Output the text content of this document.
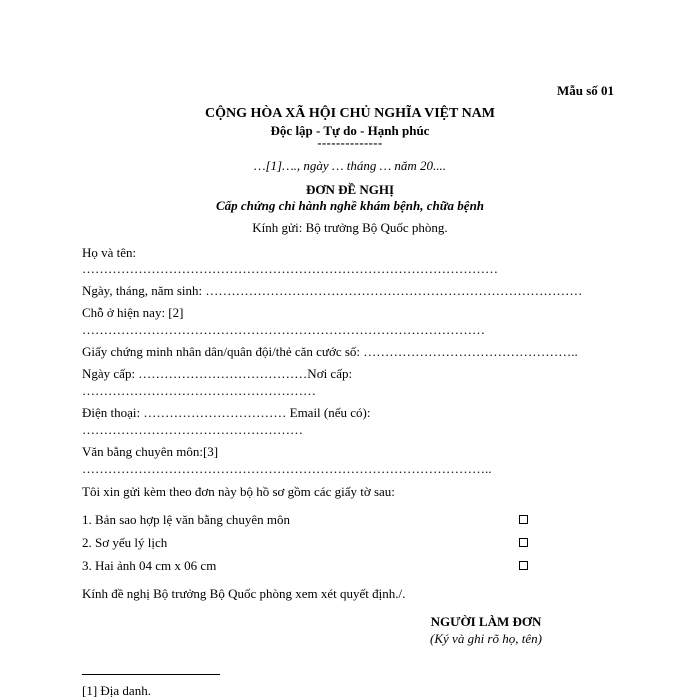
Mẫu số 01
CỘNG HÒA XÃ HỘI CHỦ NGHĨA VIỆT NAM
Độc lập - Tự do - Hạnh phúc
--------------
…[1]…., ngày … tháng … năm 20....
ĐƠN ĐỀ NGHỊ
Cấp chứng chỉ hành nghề khám bệnh, chữa bệnh
Kính gửi: Bộ trưởng Bộ Quốc phòng.
Họ và tên:
……………………………………………………………………………………
Ngày, tháng, năm sinh: ……………………………………………………………………………
Chỗ ở hiện nay: [2]
…………………………………………………………………………………
Giấy chứng minh nhân dân/quân đội/thẻ căn cước số: …………………………………………..
Ngày cấp: …………………………………Nơi cấp:
………………………………………………
Điện thoại: …………………………… Email (nếu có):
……………………………………………
Văn bằng chuyên môn:[3]
…………………………………………………………………………………..
Tôi xin gửi kèm theo đơn này bộ hồ sơ gồm các giấy tờ sau:
1. Bản sao hợp lệ văn bằng chuyên môn
2. Sơ yếu lý lịch
3. Hai ảnh 04 cm x 06 cm
Kính đề nghị Bộ trưởng Bộ Quốc phòng xem xét quyết định./.
NGƯỜI LÀM ĐƠN
(Ký và ghi rõ họ, tên)
[1] Địa danh.
